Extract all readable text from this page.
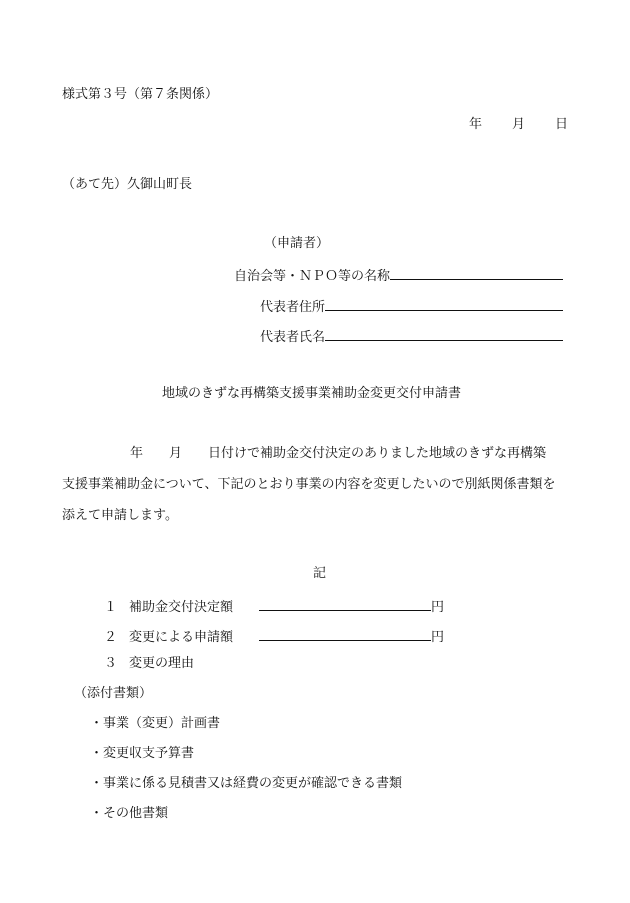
様式第３号（第７条関係）
年 月 日
（あて先）久御山町長
（申請者）
自治会等・ＮＰＯ等の名称
代表者住所
代表者氏名
地域のきずな再構築支援事業補助金変更交付申請書
年 月 日付けで補助金交付決定のありました地域のきずな再構築
支援事業補助金について、下記のとおり事業の内容を変更したいので別紙関係書類を
添えて申請します。
記
１ 補助金交付決定額	円
２ 変更による申請額	円
３ 変更の理由
（添付書類）
・事業（変更）計画書
・変更収支予算書
・事業に係る見積書又は経費の変更が確認できる書類
・その他書類
